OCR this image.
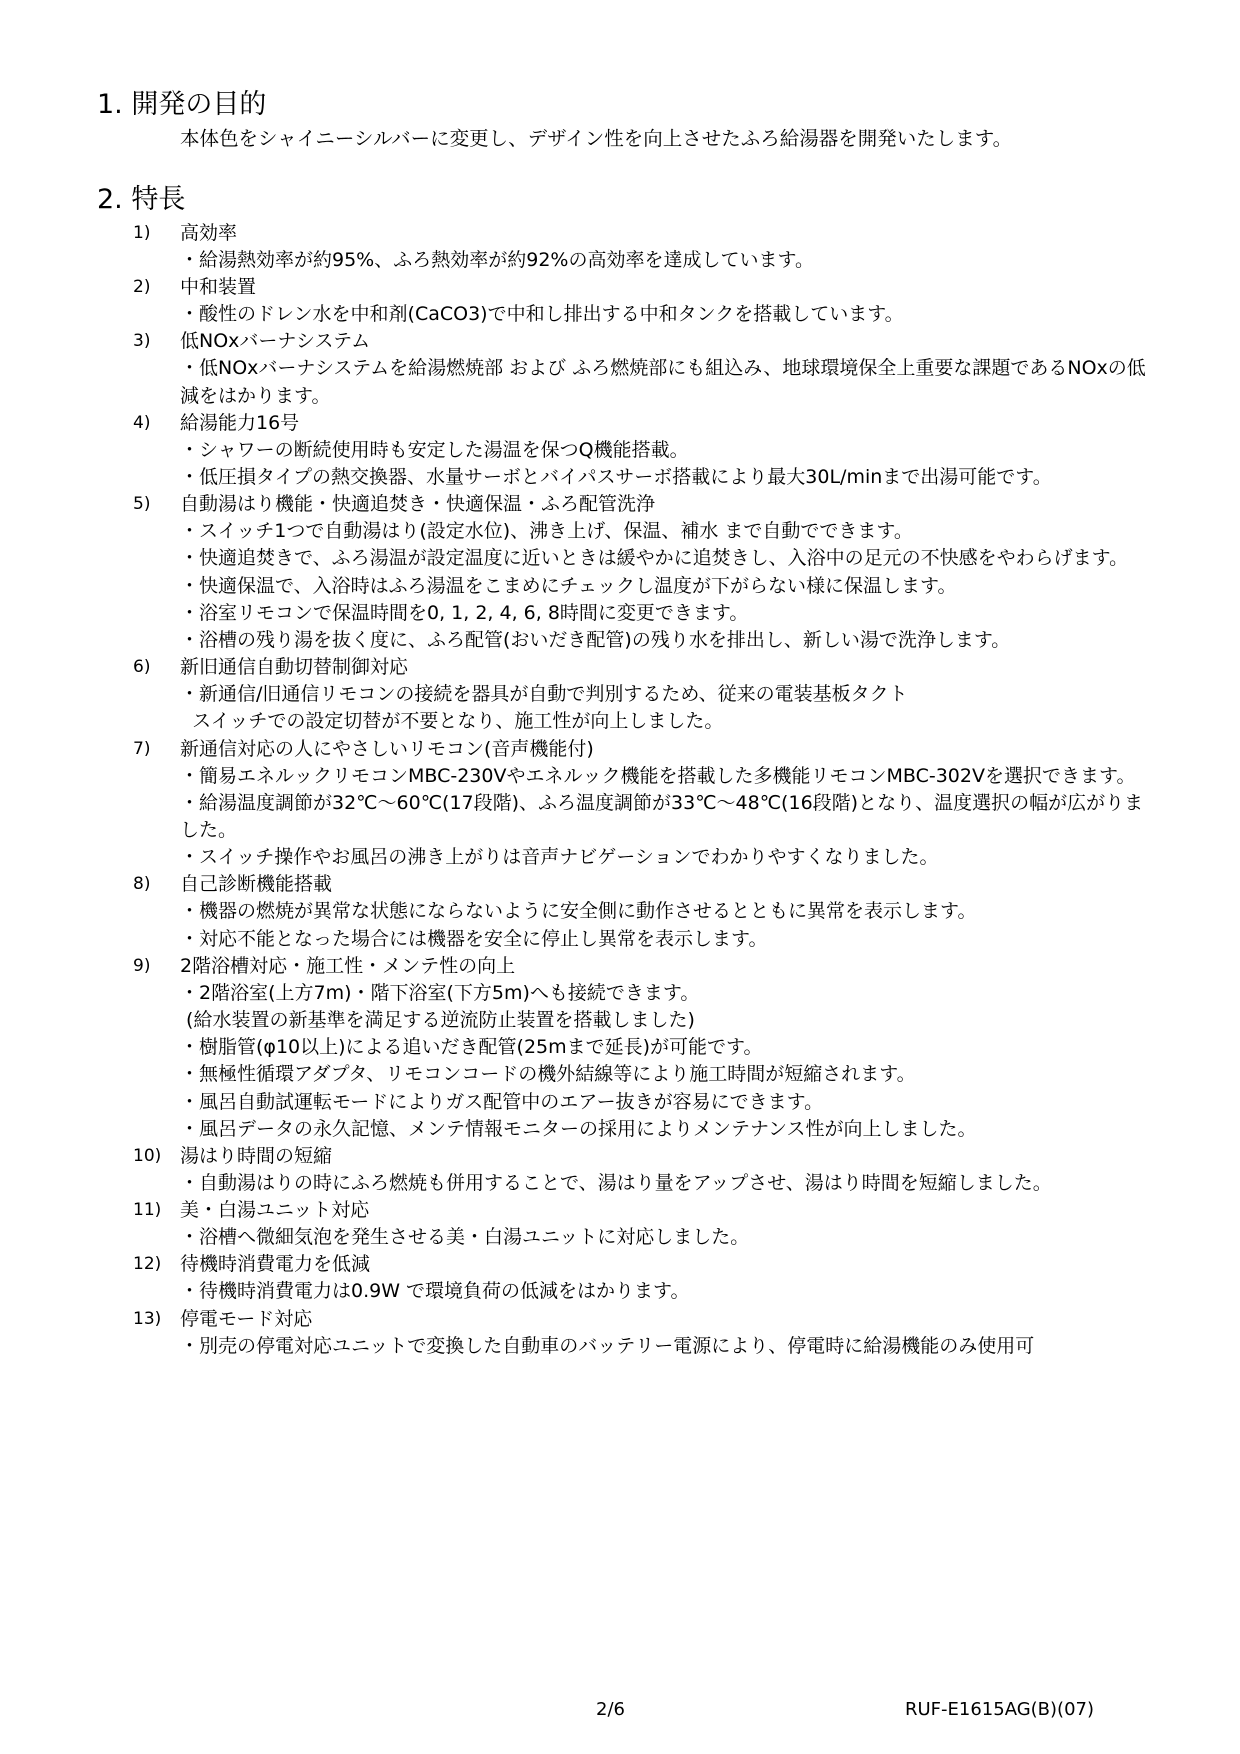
1. 開発の目的
本体色をシャイニーシルバーに変更し、デザイン性を向上させたふろ給湯器を開発いたします。
2. 特長
1) 高効率
・給湯熱効率が約95%、ふろ熱効率が約92%の高効率を達成しています。
2) 中和装置
・酸性のドレン水を中和剤(CaCO3)で中和し排出する中和タンクを搭載しています。
3) 低NOxバーナシステム
・低NOxバーナシステムを給湯燃焼部 および ふろ燃焼部にも組込み、地球環境保全上重要な課題であるNOxの低減をはかります。
4) 給湯能力16号
・シャワーの断続使用時も安定した湯温を保つQ機能搭載。
・低圧損タイプの熱交換器、水量サーボとバイパスサーボ搭載により最大30L/minまで出湯可能です。
5) 自動湯はり機能・快適追焚き・快適保温・ふろ配管洗浄
・スイッチ1つで自動湯はり(設定水位)、沸き上げ、保温、補水 まで自動でできます。
・快適追焚きで、ふろ湯温が設定温度に近いときは緩やかに追焚きし、入浴中の足元の不快感をやわらげます。
・快適保温で、入浴時はふろ湯温をこまめにチェックし温度が下がらない様に保温します。
・浴室リモコンで保温時間を0, 1, 2, 4, 6, 8時間に変更できます。
・浴槽の残り湯を抜く度に、ふろ配管(おいだき配管)の残り水を排出し、新しい湯で洗浄します。
6) 新旧通信自動切替制御対応
・新通信/旧通信リモコンの接続を器具が自動で判別するため、従来の電装基板タクト
スイッチでの設定切替が不要となり、施工性が向上しました。
7) 新通信対応の人にやさしいリモコン(音声機能付)
・簡易エネルックリモコンMBC-230Vやエネルック機能を搭載した多機能リモコンMBC-302Vを選択できます。
・給湯温度調節が32℃～60℃(17段階)、ふろ温度調節が33℃～48℃(16段階)となり、温度選択の幅が広がりました。
・スイッチ操作やお風呂の沸き上がりは音声ナビゲーションでわかりやすくなりました。
8) 自己診断機能搭載
・機器の燃焼が異常な状態にならないように安全側に動作させるとともに異常を表示します。
・対応不能となった場合には機器を安全に停止し異常を表示します。
9) 2階浴槽対応・施工性・メンテ性の向上
・2階浴室(上方7m)・階下浴室(下方5m)へも接続できます。
(給水装置の新基準を満足する逆流防止装置を搭載しました)
・樹脂管(φ10以上)による追いだき配管(25mまで延長)が可能です。
・無極性循環アダプタ、リモコンコードの機外結線等により施工時間が短縮されます。
・風呂自動試運転モードによりガス配管中のエアー抜きが容易にできます。
・風呂データの永久記憶、メンテ情報モニターの採用によりメンテナンス性が向上しました。
10) 湯はり時間の短縮
・自動湯はりの時にふろ燃焼も併用することで、湯はり量をアップさせ、湯はり時間を短縮しました。
11) 美・白湯ユニット対応
・浴槽へ微細気泡を発生させる美・白湯ユニットに対応しました。
12) 待機時消費電力を低減
・待機時消費電力は0.9W で環境負荷の低減をはかります。
13) 停電モード対応
・別売の停電対応ユニットで変換した自動車のバッテリー電源により、停電時に給湯機能のみ使用可
2/6	RUF-E1615AG(B)(07)
